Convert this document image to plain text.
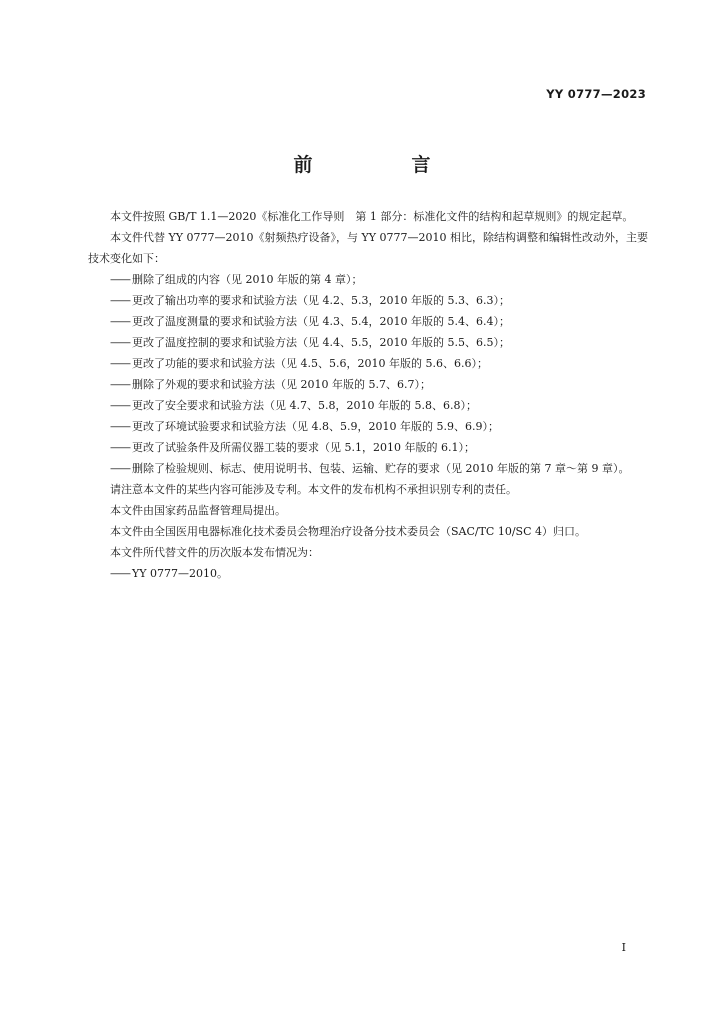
YY 0777—2023
前　言

本文件按照 GB/T 1.1—2020《标准化工作导则　第 1 部分：标准化文件的结构和起草规则》的规定起草。

本文件代替 YY 0777—2010《射频热疗设备》，与 YY 0777—2010 相比，除结构调整和编辑性改动外，主要技术变化如下：

—— 删除了组成的内容（见 2010 年版的第 4 章）；
—— 更改了输出功率的要求和试验方法（见 4.2、5.3，2010 年版的 5.3、6.3）；
—— 更改了温度测量的要求和试验方法（见 4.3、5.4，2010 年版的 5.4、6.4）；
—— 更改了温度控制的要求和试验方法（见 4.4、5.5，2010 年版的 5.5、6.5）；
—— 更改了功能的要求和试验方法（见 4.5、5.6，2010 年版的 5.6、6.6）；
—— 删除了外观的要求和试验方法（见 2010 年版的 5.7、6.7）；
—— 更改了安全要求和试验方法（见 4.7、5.8，2010 年版的 5.8、6.8）；
—— 更改了环境试验要求和试验方法（见 4.8、5.9，2010 年版的 5.9、6.9）；
—— 更改了试验条件及所需仪器工装的要求（见 5.1，2010 年版的 6.1）；
—— 删除了检验规则、标志、使用说明书、包装、运输、贮存的要求（见 2010 年版的第 7 章～第 9 章）。

请注意本文件的某些内容可能涉及专利。本文件的发布机构不承担识别专利的责任。

本文件由国家药品监督管理局提出。

本文件由全国医用电器标准化技术委员会物理治疗设备分技术委员会（SAC/TC 10/SC 4）归口。

本文件所代替文件的历次版本发布情况为：

—— YY 0777—2010。
I
